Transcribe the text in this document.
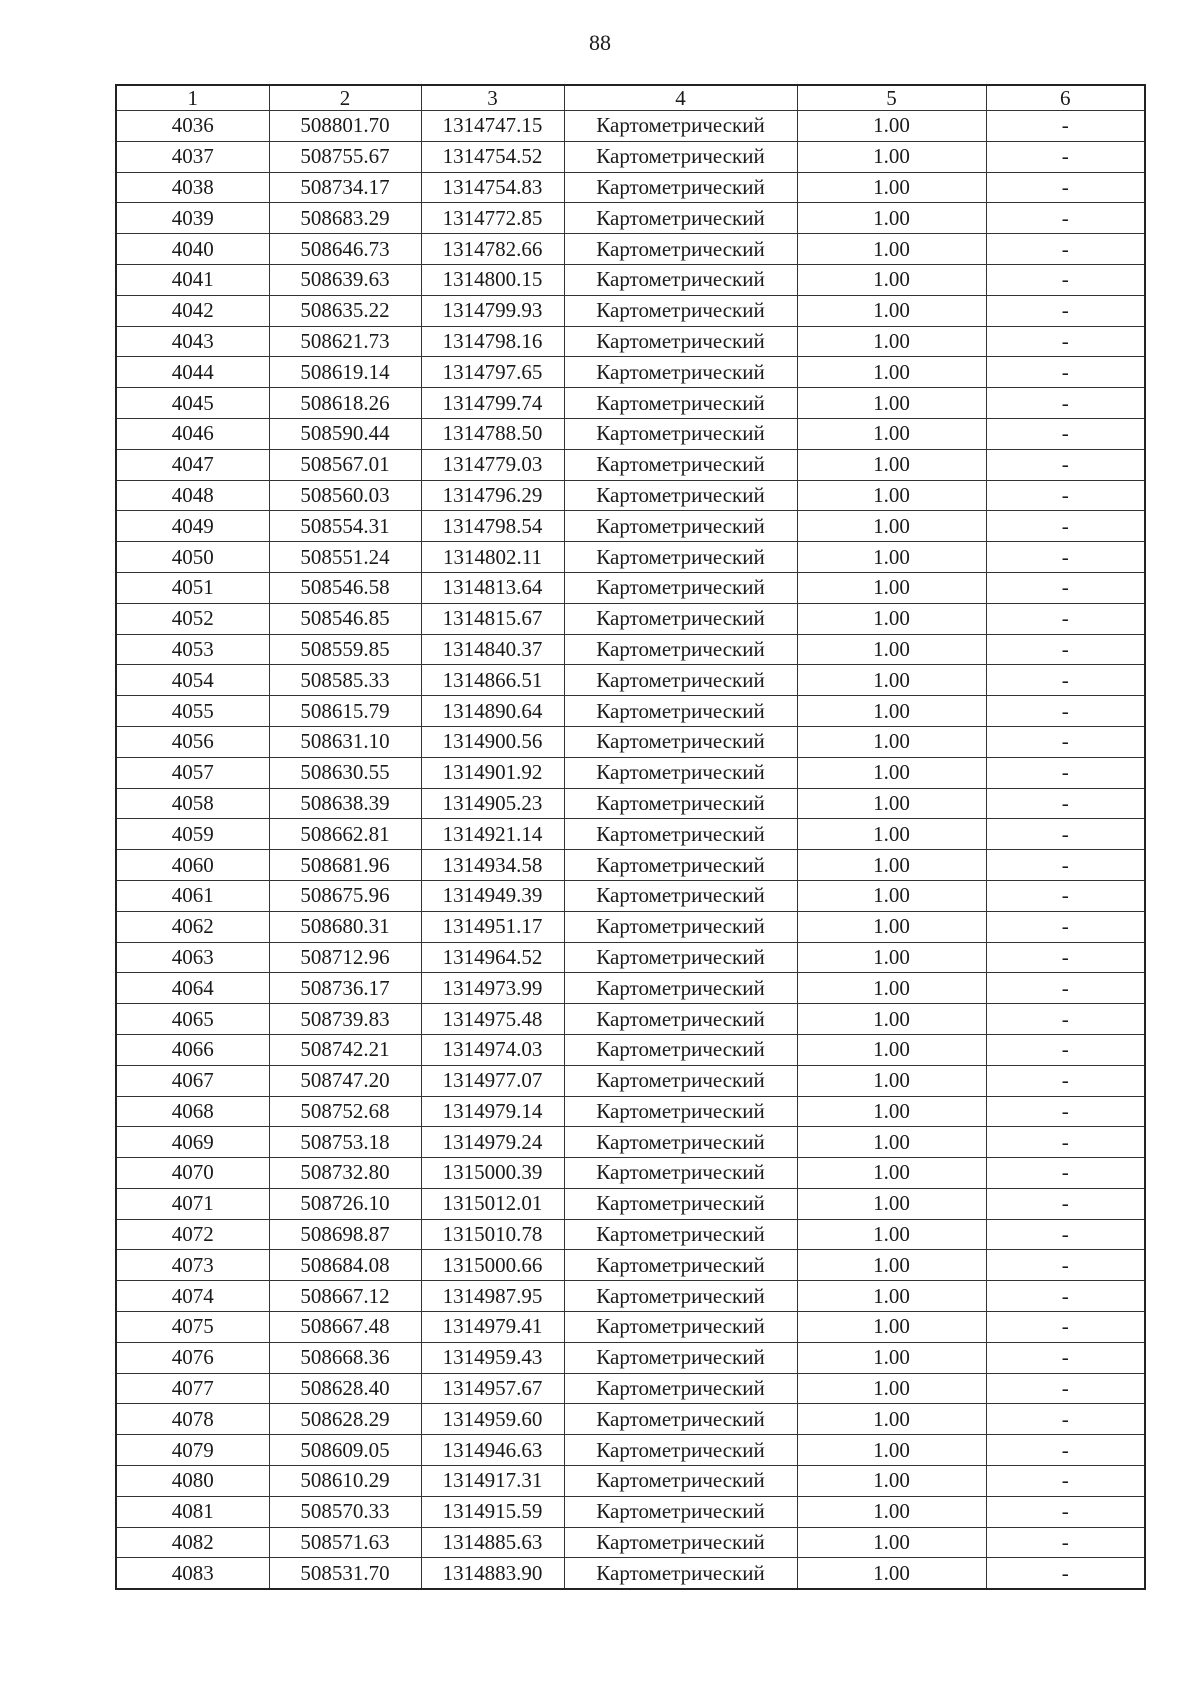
88
1	2	3	4	5	6
4036	508801.70	1314747.15	Картометрический	1.00	-
4037	508755.67	1314754.52	Картометрический	1.00	-
4038	508734.17	1314754.83	Картометрический	1.00	-
4039	508683.29	1314772.85	Картометрический	1.00	-
4040	508646.73	1314782.66	Картометрический	1.00	-
4041	508639.63	1314800.15	Картометрический	1.00	-
4042	508635.22	1314799.93	Картометрический	1.00	-
4043	508621.73	1314798.16	Картометрический	1.00	-
4044	508619.14	1314797.65	Картометрический	1.00	-
4045	508618.26	1314799.74	Картометрический	1.00	-
4046	508590.44	1314788.50	Картометрический	1.00	-
4047	508567.01	1314779.03	Картометрический	1.00	-
4048	508560.03	1314796.29	Картометрический	1.00	-
4049	508554.31	1314798.54	Картометрический	1.00	-
4050	508551.24	1314802.11	Картометрический	1.00	-
4051	508546.58	1314813.64	Картометрический	1.00	-
4052	508546.85	1314815.67	Картометрический	1.00	-
4053	508559.85	1314840.37	Картометрический	1.00	-
4054	508585.33	1314866.51	Картометрический	1.00	-
4055	508615.79	1314890.64	Картометрический	1.00	-
4056	508631.10	1314900.56	Картометрический	1.00	-
4057	508630.55	1314901.92	Картометрический	1.00	-
4058	508638.39	1314905.23	Картометрический	1.00	-
4059	508662.81	1314921.14	Картометрический	1.00	-
4060	508681.96	1314934.58	Картометрический	1.00	-
4061	508675.96	1314949.39	Картометрический	1.00	-
4062	508680.31	1314951.17	Картометрический	1.00	-
4063	508712.96	1314964.52	Картометрический	1.00	-
4064	508736.17	1314973.99	Картометрический	1.00	-
4065	508739.83	1314975.48	Картометрический	1.00	-
4066	508742.21	1314974.03	Картометрический	1.00	-
4067	508747.20	1314977.07	Картометрический	1.00	-
4068	508752.68	1314979.14	Картометрический	1.00	-
4069	508753.18	1314979.24	Картометрический	1.00	-
4070	508732.80	1315000.39	Картометрический	1.00	-
4071	508726.10	1315012.01	Картометрический	1.00	-
4072	508698.87	1315010.78	Картометрический	1.00	-
4073	508684.08	1315000.66	Картометрический	1.00	-
4074	508667.12	1314987.95	Картометрический	1.00	-
4075	508667.48	1314979.41	Картометрический	1.00	-
4076	508668.36	1314959.43	Картометрический	1.00	-
4077	508628.40	1314957.67	Картометрический	1.00	-
4078	508628.29	1314959.60	Картометрический	1.00	-
4079	508609.05	1314946.63	Картометрический	1.00	-
4080	508610.29	1314917.31	Картометрический	1.00	-
4081	508570.33	1314915.59	Картометрический	1.00	-
4082	508571.63	1314885.63	Картометрический	1.00	-
4083	508531.70	1314883.90	Картометрический	1.00	-
